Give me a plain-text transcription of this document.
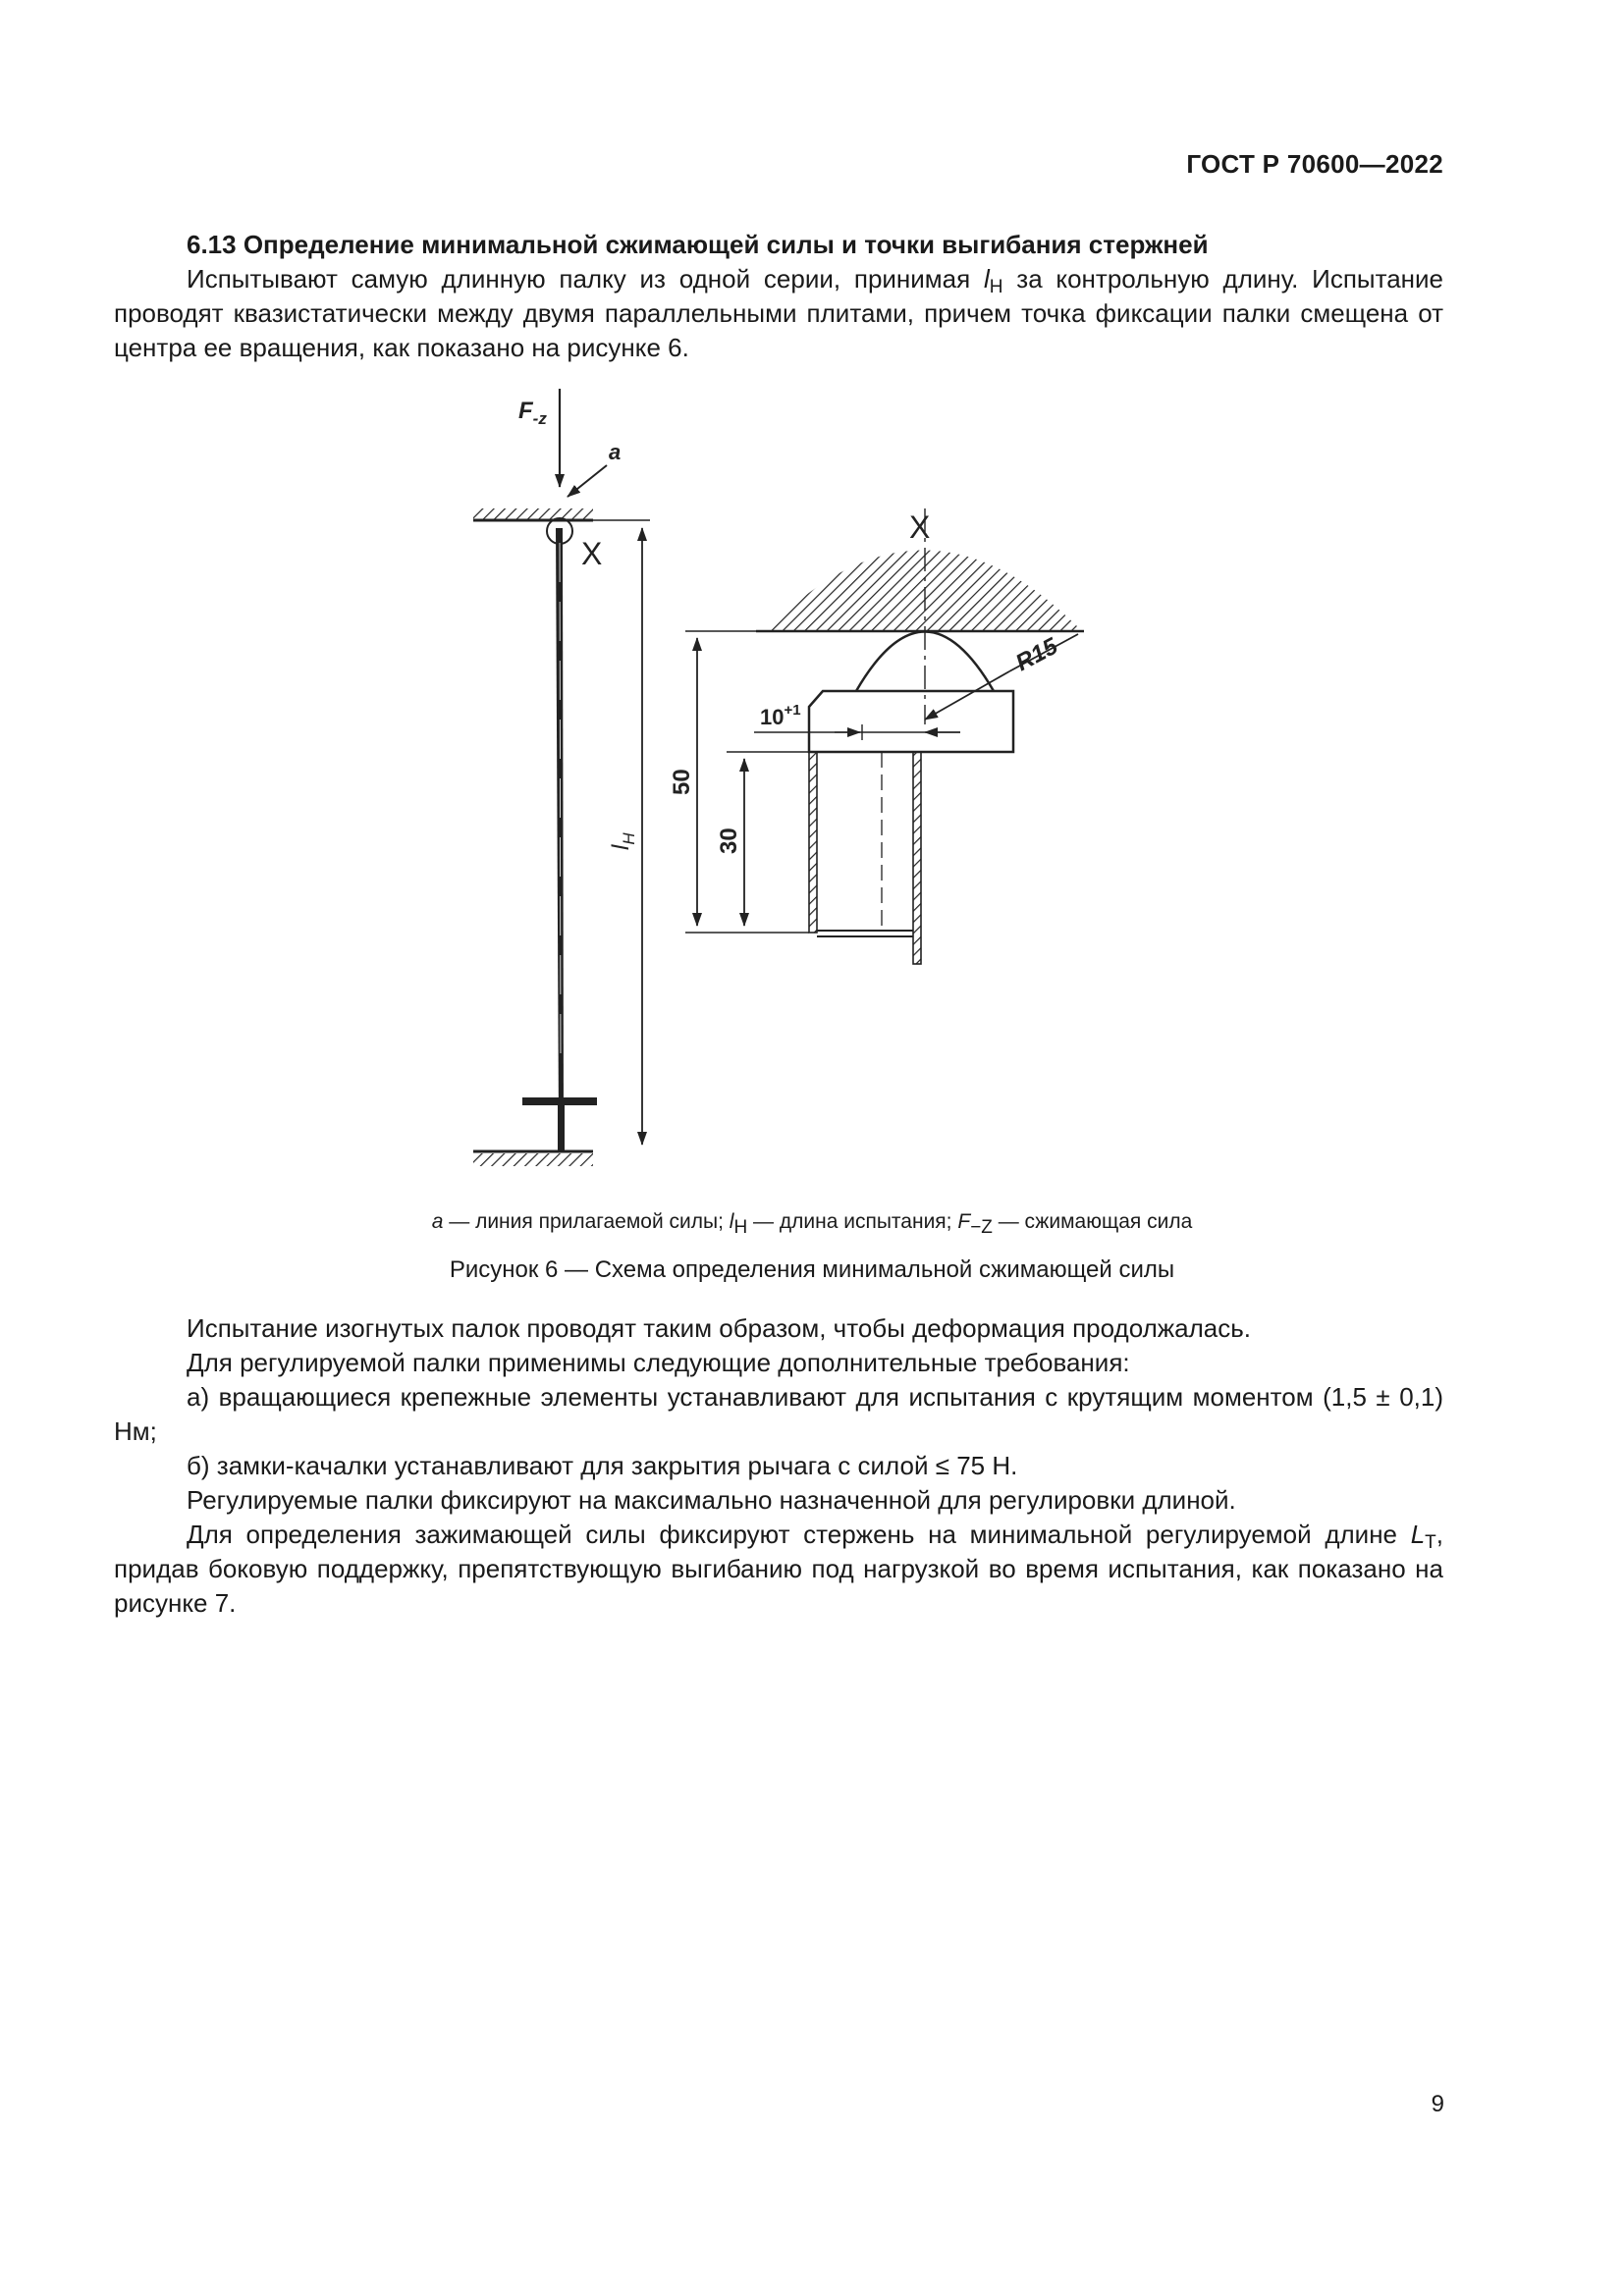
ГОСТ Р 70600—2022

6.13 Определение минимальной сжимающей силы и точки выгибания стержней

Испытывают самую длинную палку из одной серии, принимая $l_Н$ за контрольную длину. Испытание проводят квазистатически между двумя параллельными плитами, причем точка фиксации палки смещена от центра ее вращения, как показано на рисунке 6.

$F_{-z}$
a
X
$l_Н$
X
R15
$10^{+1}$
50
30
a — линия прилагаемой силы; $l_Н$ — длина испытания; $F_{-Z}$ — сжимающая сила
Рисунок 6 — Схема определения минимальной сжимающей силы

Испытание изогнутых палок проводят таким образом, чтобы деформация продолжалась.

Для регулируемой палки применимы следующие дополнительные требования:

а) вращающиеся крепежные элементы устанавливают для испытания с крутящим моментом (1,5 ± 0,1) Нм;

б) замки-качалки устанавливают для закрытия рычага с силой ≤ 75 Н.

Регулируемые палки фиксируют на максимально назначенной для регулировки длиной.

Для определения зажимающей силы фиксируют стержень на минимальной регулируемой длине $L_Т$, придав боковую поддержку, препятствующую выгибанию под нагрузкой во время испытания, как показано на рисунке 7.

9
